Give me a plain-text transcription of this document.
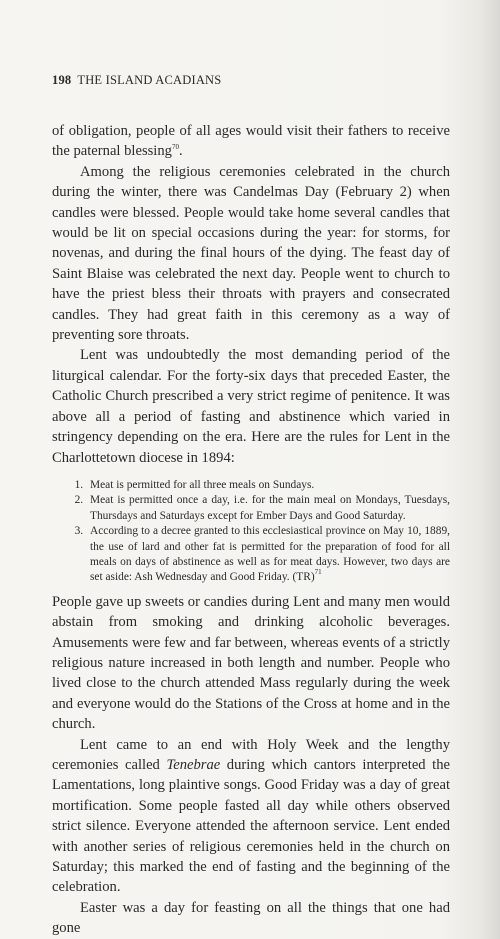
198 THE ISLAND ACADIANS

of obligation, people of all ages would visit their fathers to receive the paternal blessing$^{70}$.

Among the religious ceremonies celebrated in the church during the winter, there was Candelmas Day (February 2) when candles were blessed. People would take home several candles that would be lit on special occasions during the year: for storms, for novenas, and during the final hours of the dying. The feast day of Saint Blaise was celebrated the next day. People went to church to have the priest bless their throats with prayers and consecrated candles. They had great faith in this ceremony as a way of preventing sore throats.

Lent was undoubtedly the most demanding period of the liturgical calendar. For the forty-six days that preceded Easter, the Catholic Church prescribed a very strict regime of penitence. It was above all a period of fasting and abstinence which varied in stringency depending on the era. Here are the rules for Lent in the Charlottetown diocese in 1894:

1. Meat is permitted for all three meals on Sundays.
2. Meat is permitted once a day, i.e. for the main meal on Mondays, Tuesdays, Thursdays and Saturdays except for Ember Days and Good Saturday.
3. According to a decree granted to this ecclesiastical province on May 10, 1889, the use of lard and other fat is permitted for the preparation of food for all meals on days of abstinence as well as for meat days. However, two days are set aside: Ash Wednesday and Good Friday. (TR)$^{71}$

People gave up sweets or candies during Lent and many men would abstain from smoking and drinking alcoholic beverages. Amusements were few and far between, whereas events of a strictly religious nature increased in both length and number. People who lived close to the church attended Mass regularly during the week and everyone would do the Stations of the Cross at home and in the church.

Lent came to an end with Holy Week and the lengthy ceremonies called Tenebrae during which cantors interpreted the Lamentations, long plaintive songs. Good Friday was a day of great mortification. Some people fasted all day while others observed strict silence. Everyone attended the afternoon service. Lent ended with another series of religious ceremonies held in the church on Saturday; this marked the end of fasting and the beginning of the celebration.

Easter was a day for feasting on all the things that one had gone
